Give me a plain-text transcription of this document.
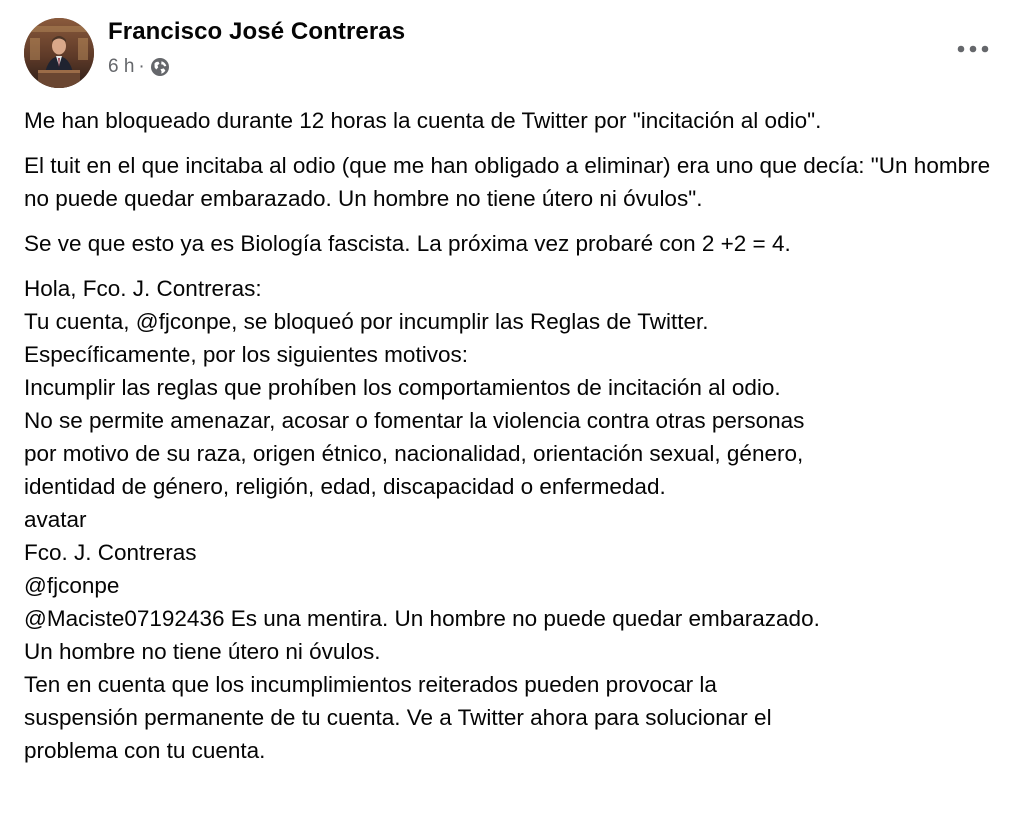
Francisco José Contreras
6 h ·

Me han bloqueado durante 12 horas la cuenta de Twitter por "incitación al odio".

El tuit en el que incitaba al odio (que me han obligado a eliminar) era uno que decía: "Un hombre no puede quedar embarazado. Un hombre no tiene útero ni óvulos".

Se ve que esto ya es Biología fascista. La próxima vez probaré con 2 +2 = 4.

Hola, Fco. J. Contreras:
Tu cuenta, @fjconpe, se bloqueó por incumplir las Reglas de Twitter.
Específicamente, por los siguientes motivos:
Incumplir las reglas que prohíben los comportamientos de incitación al odio.
No se permite amenazar, acosar o fomentar la violencia contra otras personas
por motivo de su raza, origen étnico, nacionalidad, orientación sexual, género,
identidad de género, religión, edad, discapacidad o enfermedad.
avatar
Fco. J. Contreras
@fjconpe
@Maciste07192436 Es una mentira. Un hombre no puede quedar embarazado.
Un hombre no tiene útero ni óvulos.
Ten en cuenta que los incumplimientos reiterados pueden provocar la
suspensión permanente de tu cuenta. Ve a Twitter ahora para solucionar el
problema con tu cuenta.
